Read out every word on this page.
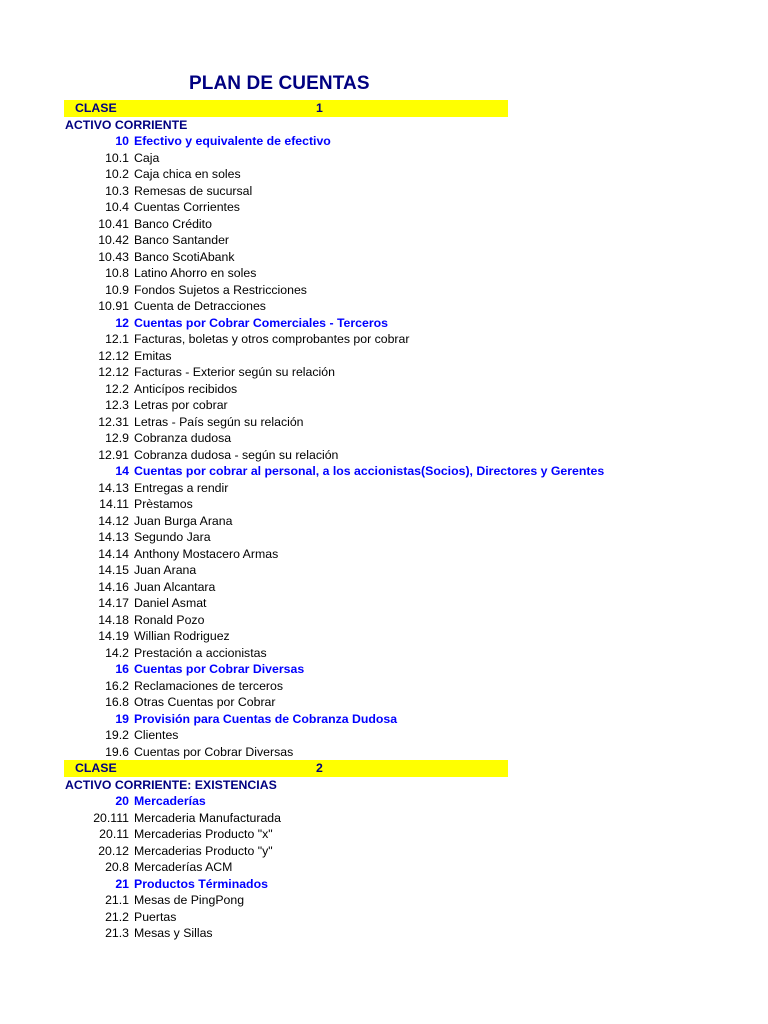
PLAN DE CUENTAS
CLASE	1
ACTIVO CORRIENTE
10 Efectivo y equivalente de efectivo
10.1 Caja
10.2 Caja chica en soles
10.3 Remesas de sucursal
10.4 Cuentas Corrientes
10.41 Banco Crédito
10.42 Banco Santander
10.43 Banco ScotiAbank
10.8 Latino Ahorro en soles
10.9 Fondos Sujetos a Restricciones
10.91 Cuenta de Detracciones
12 Cuentas por Cobrar Comerciales - Terceros
12.1 Facturas, boletas y otros comprobantes por cobrar
12.12 Emitas
12.12 Facturas - Exterior según su relación
12.2 Anticípos recibidos
12.3 Letras por cobrar
12.31 Letras - País según su relación
12.9 Cobranza dudosa
12.91 Cobranza dudosa - según su relación
14 Cuentas por cobrar al personal, a los accionistas(Socios), Directores y Gerentes
14.13 Entregas a rendir
14.11 Prèstamos
14.12 Juan Burga Arana
14.13 Segundo Jara
14.14 Anthony Mostacero Armas
14.15 Juan Arana
14.16 Juan Alcantara
14.17 Daniel Asmat
14.18 Ronald Pozo
14.19 Willian Rodriguez
14.2 Prestación a accionistas
16 Cuentas por Cobrar Diversas
16.2 Reclamaciones de terceros
16.8 Otras Cuentas por Cobrar
19 Provisión para Cuentas de Cobranza Dudosa
19.2 Clientes
19.6 Cuentas por Cobrar Diversas
CLASE	2
ACTIVO CORRIENTE: EXISTENCIAS
20 Mercaderías
20.111 Mercaderia Manufacturada
20.11 Mercaderias Producto "x"
20.12 Mercaderias Producto "y"
20.8 Mercaderías ACM
21 Productos Términados
21.1 Mesas de PingPong
21.2 Puertas
21.3 Mesas y Sillas
